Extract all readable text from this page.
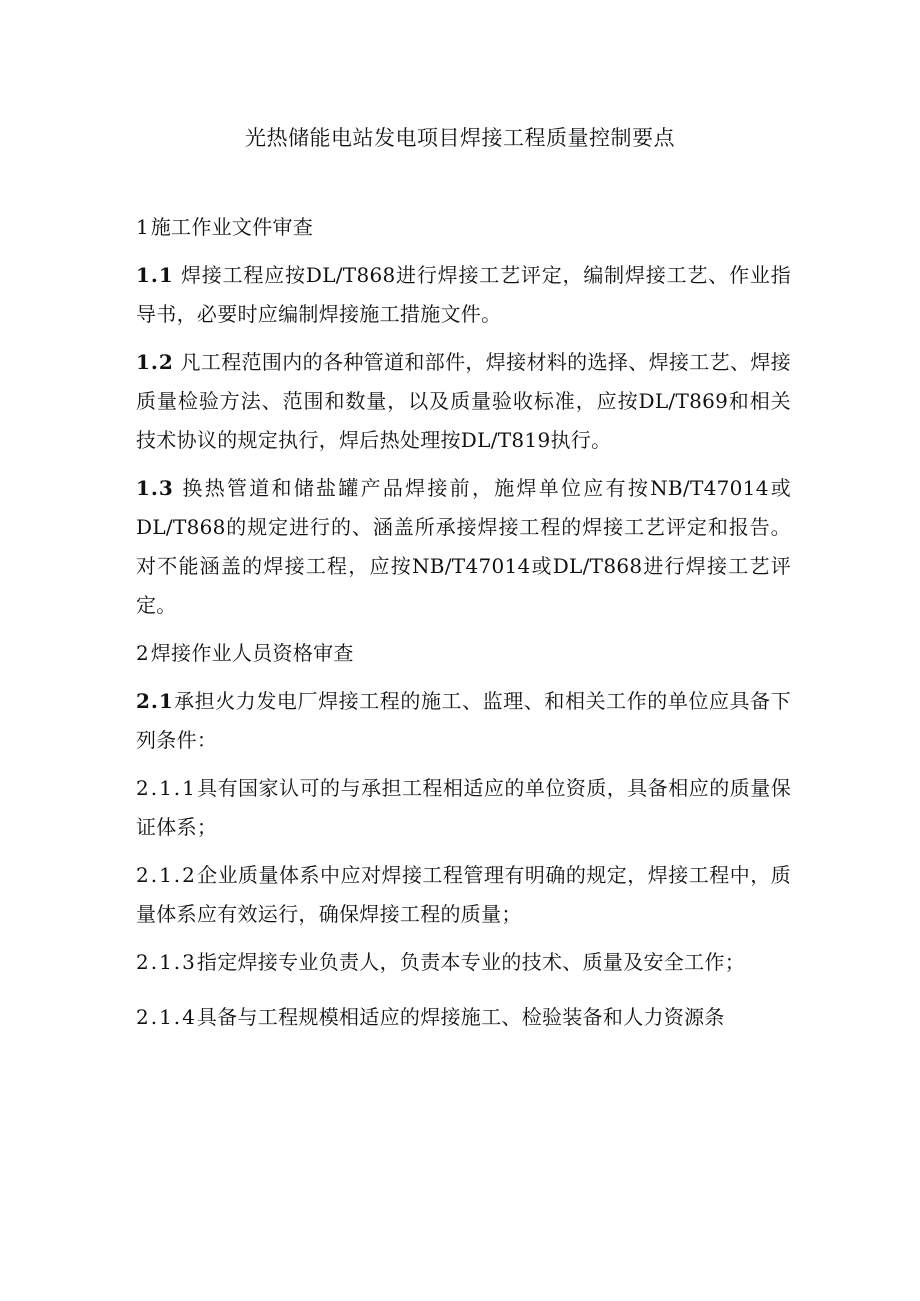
光热储能电站发电项目焊接工程质量控制要点

1施工作业文件审查

1.1 焊接工程应按DL/T868进行焊接工艺评定，编制焊接工艺、作业指导书，必要时应编制焊接施工措施文件。

1.2 凡工程范围内的各种管道和部件，焊接材料的选择、焊接工艺、焊接质量检验方法、范围和数量，以及质量验收标准，应按DL/T869和相关技术协议的规定执行，焊后热处理按DL/T819执行。

1.3 换热管道和储盐罐产品焊接前，施焊单位应有按NB/T47014或DL/T868的规定进行的、涵盖所承接焊接工程的焊接工艺评定和报告。对不能涵盖的焊接工程，应按NB/T47014或DL/T868进行焊接工艺评定。

2焊接作业人员资格审查

2.1承担火力发电厂焊接工程的施工、监理、和相关工作的单位应具备下列条件：

2.1.1具有国家认可的与承担工程相适应的单位资质，具备相应的质量保证体系；

2.1.2企业质量体系中应对焊接工程管理有明确的规定，焊接工程中，质量体系应有效运行，确保焊接工程的质量；

2.1.3指定焊接专业负责人，负责本专业的技术、质量及安全工作；

2.1.4具备与工程规模相适应的焊接施工、检验装备和人力资源条
